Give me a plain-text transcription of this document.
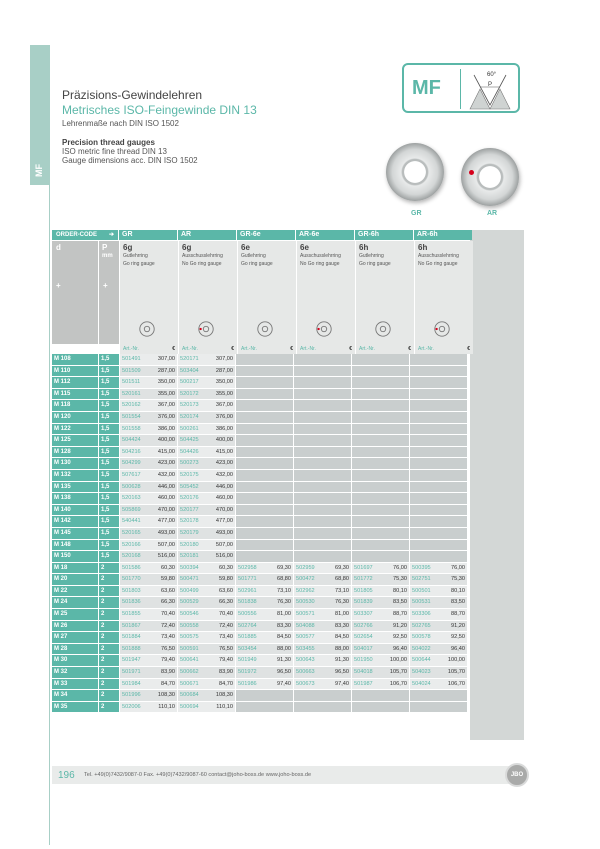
MF
Präzisions-Gewindelehren
Metrisches ISO-Feingewinde DIN 13
Lehrenmaße nach DIN ISO 1502
Precision thread gauges
ISO metric fine thread DIN 13
Gauge dimensions acc. DIN ISO 1502
MF
60°
P
GR	AR
ORDER-CODE ➔	GR	AR	GR-6e	AR-6e	GR-6h	AR-6h
d
+
P
mm
+
6g
Gutlehrring
Go ring gauge
6g
Ausschusslehrring
No Go ring gauge
6e
Gutlehrring
Go ring gauge
6e
Ausschusslehrring
No Go ring gauge
6h
Gutlehrring
Go ring gauge
6h
Ausschusslehrring
No Go ring gauge
Art.-Nr.	€ Art.-Nr.	€ Art.-Nr.	€ Art.-Nr.	€ Art.-Nr.	€ Art.-Nr.	€
M 108	1,5	501491	307,00 520171	307,00
M 110	1,5	501509	287,00 503404	287,00
M 112	1,5	501511	350,00 500217	350,00
M 115	1,5	520161	355,00 520172	355,00
M 118	1,5	520162	367,00 520173	367,00
M 120	1,5	501554	376,00 520174	376,00
M 122	1,5	501558	386,00 500261	386,00
M 125	1,5	504424	400,00 504425	400,00
M 128	1,5	504216	415,00 504426	415,00
M 130	1,5	504299	423,00 500273	423,00
M 132	1,5	507617	432,00 520175	432,00
M 135	1,5	500628	446,00 505452	446,00
M 138	1,5	520163	460,00 520176	460,00
M 140	1,5	505869	470,00 520177	470,00
M 142	1,5	540441	477,00 520178	477,00
M 145	1,5	520165	493,00 520179	493,00
M 148	1,5	520166	507,00 520180	507,00
M 150	1,5	520168	516,00 520181	516,00
M 18	2	501586	60,30 500394	60,30 502958	69,30 502959	69,30 501697	76,00 500395	76,00
M 20	2	501770	59,80 500471	59,80 501771	68,80 500472	68,80 501772	75,30 502751	75,30
M 22	2	501803	63,60 500499	63,60 502961	73,10 502962	73,10 501805	80,10 500501	80,10
M 24	2	501836	66,30 500529	66,30 501838	76,30 500530	76,30 501839	83,50 500531	83,50
M 25	2	501855	70,40 500546	70,40 500556	81,00 500571	81,00 503307	88,70 503306	88,70
M 26	2	501867	72,40 500558	72,40 502764	83,30 504088	83,30 502766	91,20 502765	91,20
M 27	2	501884	73,40 500575	73,40 501885	84,50 500577	84,50 502654	92,50 500578	92,50
M 28	2	501888	76,50 500591	76,50 503454	88,00 503455	88,00 504017	96,40 504022	96,40
M 30	2	501947	79,40 500641	79,40 501949	91,30 500643	91,30 501950	100,00 500644	100,00
M 32	2	501971	83,90 500662	83,90 501972	96,50 500663	96,50 504018	105,70 504023	105,70
M 33	2	501984	84,70 500671	84,70 501986	97,40 500673	97,40 501987	106,70 504024	106,70
M 34	2	501996	108,30 500684	108,30
M 35	2	502006	110,10 500694	110,10
196	Tel. +49(0)7432/9087-0 Fax. +49(0)7432/9087-60 contact@joho-boss.de www.joho-boss.de	JBO
